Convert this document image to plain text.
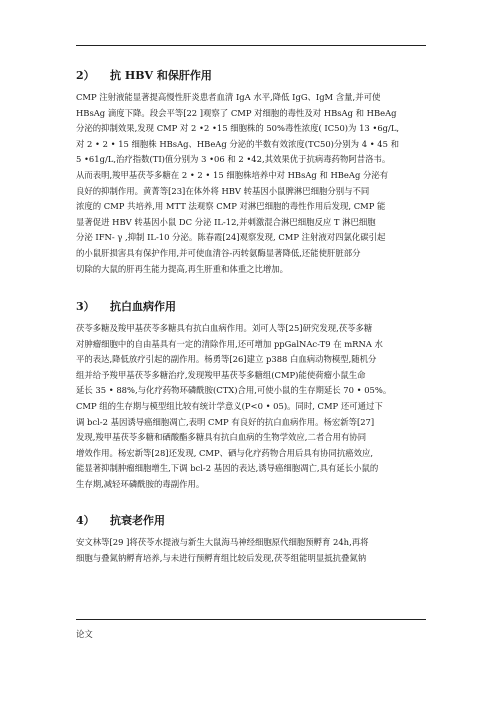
2） 抗 HBV 和保肝作用
CMP 注射液能显著提高慢性肝炎患者血清 IgA 水平,降低 IgG、IgM 含量,并可使
HBsAg 滴度下降。段会平等[22 ]观察了 CMP 对细胞的毒性及对 HBsAg 和 HBeAg
分泌的抑制效果,发现 CMP 对 2 •2 •15 细胞株的 50%毒性浓度( IC50)为 13 •6g/L,
对 2 • 2 • 15 细胞株 HBsAg、HBeAg 分泌的半数有效浓度(TC50)分别为 4 • 45 和
5 •61g/L,治疗指数(TI)值分别为 3 •06 和 2 •42,其效果优于抗病毒药物阿昔洛韦。
从而表明,羧甲基茯苓多糖在 2 • 2 • 15 细胞株培养中对 HBsAg 和 HBeAg 分泌有
良好的抑制作用。黄菁等[23]在体外将 HBV 转基因小鼠脾淋巴细胞分别与不同
浓度的 CMP 共培养,用 MTT 法观察 CMP 对淋巴细胞的毒性作用后发现, CMP 能
显著促进 HBV 转基因小鼠 DC 分泌 IL-12,并刺激混合淋巴细胞反应 T 淋巴细胞
分泌 IFN- γ ,抑制 IL-10 分泌。陈春霞[24]观察发现, CMP 注射液对四氯化碳引起
的小鼠肝损害具有保护作用,并可使血清谷-丙转氨酶显著降低,还能使肝脏部分
切除的大鼠的肝再生能力提高,再生肝重和体重之比增加。
3） 抗白血病作用
茯苓多糖及羧甲基茯苓多糖具有抗白血病作用。刘可人等[25]研究发现,茯苓多糖
对肿瘤细胞中的自由基具有一定的清除作用,还可增加 ppGalNAc-T9 在 mRNA 水
平的表达,降低放疗引起的副作用。杨勇等[26]建立 p388 白血病动物模型,随机分
组并给予羧甲基茯苓多糖治疗,发现羧甲基茯苓多糖组(CMP)能使荷瘤小鼠生命
延长 35 • 88%,与化疗药物环磷酰胺(CTX)合用,可使小鼠的生存期延长 70 • 05%。
CMP 组的生存期与模型组比较有统计学意义(P<0 • 05)。同时, CMP 还可通过下
调 bcl-2 基因诱导癌细胞凋亡,表明 CMP 有良好的抗白血病作用。杨宏新等[27]
发现,羧甲基茯苓多糖和硒酸酯多糖具有抗白血病的生物学效应,二者合用有协同
增效作用。杨宏新等[28]还发现, CMP、硒与化疗药物合用后具有协同抗癌效应,
能显著抑制肿瘤细胞增生,下调 bcl-2 基因的表达,诱导癌细胞凋亡,具有延长小鼠的
生存期,减轻环磷酰胺的毒副作用。
4） 抗衰老作用
安文林等[29 ]将茯苓水提液与新生大鼠海马神经细胞原代细胞预孵育 24h,再将
细胞与叠氮钠孵育培养,与未进行预孵育组比较后发现,茯苓组能明显抵抗叠氮钠
论文
